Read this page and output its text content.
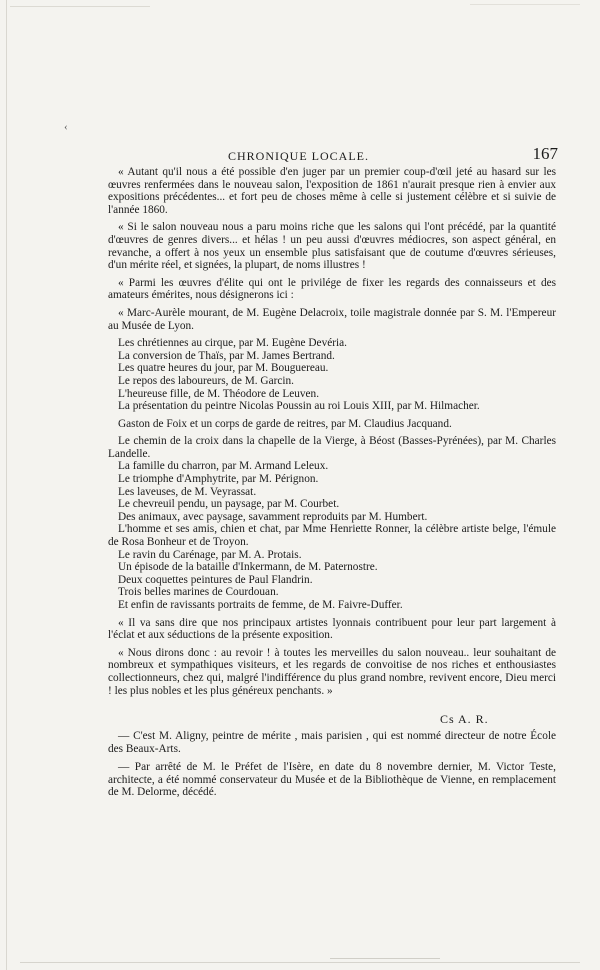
‹
CHRONIQUE LOCALE.	167

« Autant qu'il nous a été possible d'en juger par un premier coup-d'œil jeté au hasard sur les œuvres renfermées dans le nouveau salon, l'exposition de 1861 n'aurait presque rien à envier aux expositions précédentes... et fort peu de choses même à celle si justement célèbre et si suivie de l'année 1860.

« Si le salon nouveau nous a paru moins riche que les salons qui l'ont précédé, par la quantité d'œuvres de genres divers... et hélas ! un peu aussi d'œuvres médiocres, son aspect général, en revanche, a offert à nos yeux un ensemble plus satisfaisant que de coutume d'œuvres sérieuses, d'un mérite réel, et signées, la plupart, de noms illustres !

« Parmi les œuvres d'élite qui ont le privilége de fixer les regards des connaisseurs et des amateurs émérites, nous désignerons ici :

« Marc-Aurèle mourant, de M. Eugène Delacroix, toile magistrale donnée par S. M. l'Empereur au Musée de Lyon.

Les chrétiennes au cirque, par M. Eugène Devéria.
La conversion de Thaïs, par M. James Bertrand.
Les quatre heures du jour, par M. Bouguereau.
Le repos des laboureurs, de M. Garcin.
L'heureuse fille, de M. Théodore de Leuven.

La présentation du peintre Nicolas Poussin au roi Louis XIII, par M. Hilmacher.

Gaston de Foix et un corps de garde de reitres, par M. Claudius Jacquand.

Le chemin de la croix dans la chapelle de la Vierge, à Béost (Basses-Pyrénées), par M. Charles Landelle.

La famille du charron, par M. Armand Leleux.
Le triomphe d'Amphytrite, par M. Pérignon.
Les laveuses, de M. Veyrassat.
Le chevreuil pendu, un paysage, par M. Courbet.
Des animaux, avec paysage, savamment reproduits par M. Humbert.

L'homme et ses amis, chien et chat, par Mme Henriette Ronner, la célèbre artiste belge, l'émule de Rosa Bonheur et de Troyon.

Le ravin du Carénage, par M. A. Protais.
Un épisode de la bataille d'Inkermann, de M. Paternostre.
Deux coquettes peintures de Paul Flandrin.
Trois belles marines de Courdouan.
Et enfin de ravissants portraits de femme, de M. Faivre-Duffer.

« Il va sans dire que nos principaux artistes lyonnais contribuent pour leur part largement à l'éclat et aux séductions de la présente exposition.

« Nous dirons donc : au revoir ! à toutes les merveilles du salon nouveau.. leur souhaitant de nombreux et sympathiques visiteurs, et les regards de convoitise de nos riches et enthousiastes collectionneurs, chez qui, malgré l'indifférence du plus grand nombre, revivent encore, Dieu merci ! les plus nobles et les plus généreux penchants. »

Cs A. R.

— C'est M. Aligny, peintre de mérite , mais parisien , qui est nommé directeur de notre École des Beaux-Arts.

— Par arrêté de M. le Préfet de l'Isère, en date du 8 novembre dernier, M. Victor Teste, architecte, a été nommé conservateur du Musée et de la Bibliothèque de Vienne, en remplacement de M. Delorme, décédé.
